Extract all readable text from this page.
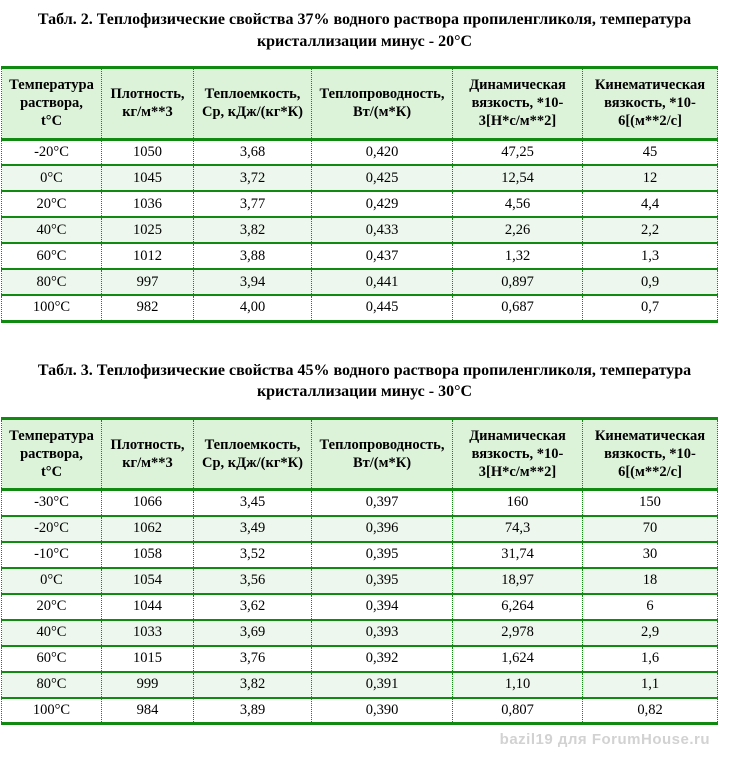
Табл. 2. Теплофизические свойства 37% водного раствора пропиленгликоля, температура кристаллизации минус - 20°С
Температура раствора, t°С	Плотность, кг/м**3	Теплоемкость, Ср, кДж/(кг*К)	Теплопроводность, Вт/(м*К)	Динамическая вязкость, *10-3[Н*с/м**2]	Кинематическая вязкость, *10-6[(м**2/с]
-20°С	1050	3,68	0,420	47,25	45
0°С	1045	3,72	0,425	12,54	12
20°С	1036	3,77	0,429	4,56	4,4
40°С	1025	3,82	0,433	2,26	2,2
60°С	1012	3,88	0,437	1,32	1,3
80°С	997	3,94	0,441	0,897	0,9
100°С	982	4,00	0,445	0,687	0,7
Табл. 3. Теплофизические свойства 45% водного раствора пропиленгликоля, температура кристаллизации минус - 30°С
Температура раствора, t°С	Плотность, кг/м**3	Теплоемкость, Ср, кДж/(кг*К)	Теплопроводность, Вт/(м*К)	Динамическая вязкость, *10-3[Н*с/м**2]	Кинематическая вязкость, *10-6[(м**2/с]
-30°С	1066	3,45	0,397	160	150
-20°С	1062	3,49	0,396	74,3	70
-10°С	1058	3,52	0,395	31,74	30
0°С	1054	3,56	0,395	18,97	18
20°С	1044	3,62	0,394	6,264	6
40°С	1033	3,69	0,393	2,978	2,9
60°С	1015	3,76	0,392	1,624	1,6
80°С	999	3,82	0,391	1,10	1,1
100°С	984	3,89	0,390	0,807	0,82
bazil19 для ForumHouse.ru
